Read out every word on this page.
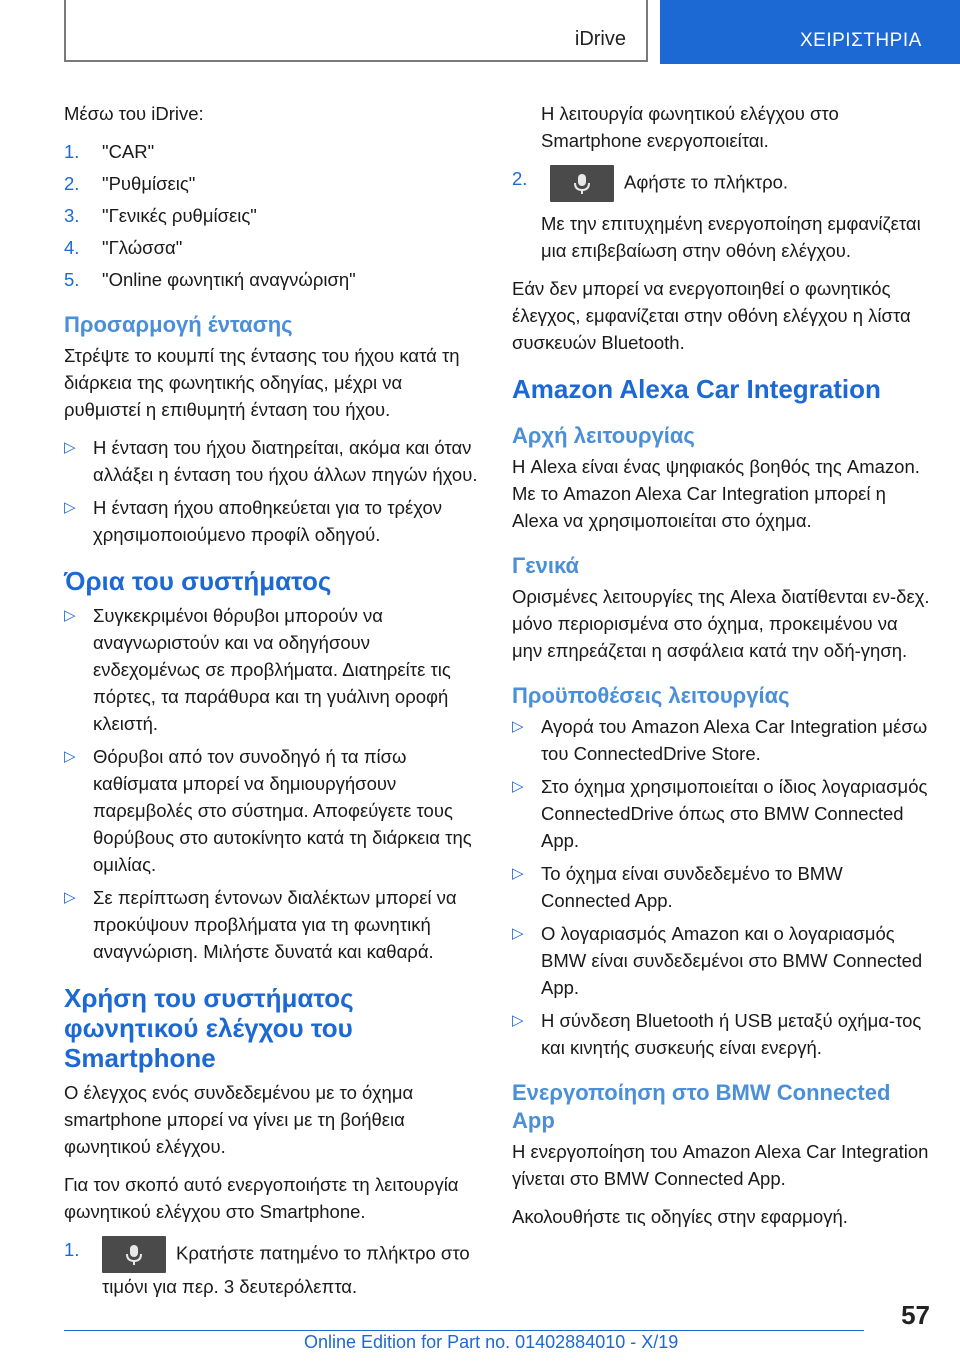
iDrive	ΧΕΙΡΙΣΤΗΡΙΑ

Μέσω του iDrive:

1. "CAR"
2. "Ρυθμίσεις"
3. "Γενικές ρυθμίσεις"
4. "Γλώσσα"
5. "Online φωνητική αναγνώριση"
Προσαρμογή έντασης

Στρέψτε το κουμπί της έντασης του ήχου κατά τη διάρκεια της φωνητικής οδηγίας, μέχρι να ρυθμιστεί η επιθυμητή ένταση του ήχου.

▷ Η ένταση του ήχου διατηρείται, ακόμα και όταν αλλάξει η ένταση του ήχου άλλων πηγών ήχου.
▷ Η ένταση ήχου αποθηκεύεται για το τρέχον χρησιμοποιούμενο προφίλ οδηγού.
Όρια του συστήματος
▷ Συγκεκριμένοι θόρυβοι μπορούν να αναγνωριστούν και να οδηγήσουν ενδεχομένως σε προβλήματα. Διατηρείτε τις πόρτες, τα παράθυρα και τη γυάλινη οροφή κλειστή.
▷ Θόρυβοι από τον συνοδηγό ή τα πίσω καθίσματα μπορεί να δημιουργήσουν παρεμβολές στο σύστημα. Αποφεύγετε τους θορύβους στο αυτοκίνητο κατά τη διάρκεια της ομιλίας.
▷ Σε περίπτωση έντονων διαλέκτων μπορεί να προκύψουν προβλήματα για τη φωνητική αναγνώριση. Μιλήστε δυνατά και καθαρά.
Χρήση του συστήματος φωνητικού ελέγχου του Smartphone

Ο έλεγχος ενός συνδεδεμένου με το όχημα smartphone μπορεί να γίνει με τη βοήθεια φωνητικού ελέγχου.

Για τον σκοπό αυτό ενεργοποιήστε τη λειτουργία φωνητικού ελέγχου στο Smartphone.

1.	Κρατήστε πατημένο το πλήκτρο στο τιμόνι για περ. 3 δευτερόλεπτα.

Η λειτουργία φωνητικού ελέγχου στο Smartphone ενεργοποιείται.

2.	Αφήστε το πλήκτρο.

Με την επιτυχημένη ενεργοποίηση εμφανίζεται μια επιβεβαίωση στην οθόνη ελέγχου.

Εάν δεν μπορεί να ενεργοποιηθεί ο φωνητικός έλεγχος, εμφανίζεται στην οθόνη ελέγχου η λίστα συσκευών Bluetooth.

Amazon Alexa Car Integration
Αρχή λειτουργίας

Η Alexa είναι ένας ψηφιακός βοηθός της Amazon. Με το Amazon Alexa Car Integration μπορεί η Alexa να χρησιμοποιείται στο όχημα.

Γενικά

Ορισμένες λειτουργίες της Alexa διατίθενται εν-δεχ. μόνο περιορισμένα στο όχημα, προκειμένου να μην επηρεάζεται η ασφάλεια κατά την οδή-γηση.

Προϋποθέσεις λειτουργίας
▷ Αγορά του Amazon Alexa Car Integration μέσω του ConnectedDrive Store.
▷ Στο όχημα χρησιμοποιείται ο ίδιος λογαριασμός ConnectedDrive όπως στο BMW Connected App.
▷ Το όχημα είναι συνδεδεμένο το BMW Connected App.
▷ Ο λογαριασμός Amazon και ο λογαριασμός BMW είναι συνδεδεμένοι στο BMW Connected App.
▷ Η σύνδεση Bluetooth ή USB μεταξύ οχήμα-τος και κινητής συσκευής είναι ενεργή.
Ενεργοποίηση στο BMW Connected App

Η ενεργοποίηση του Amazon Alexa Car Integration γίνεται στο BMW Connected App.

Ακολουθήστε τις οδηγίες στην εφαρμογή.

57
Online Edition for Part no. 01402884010 - X/19
